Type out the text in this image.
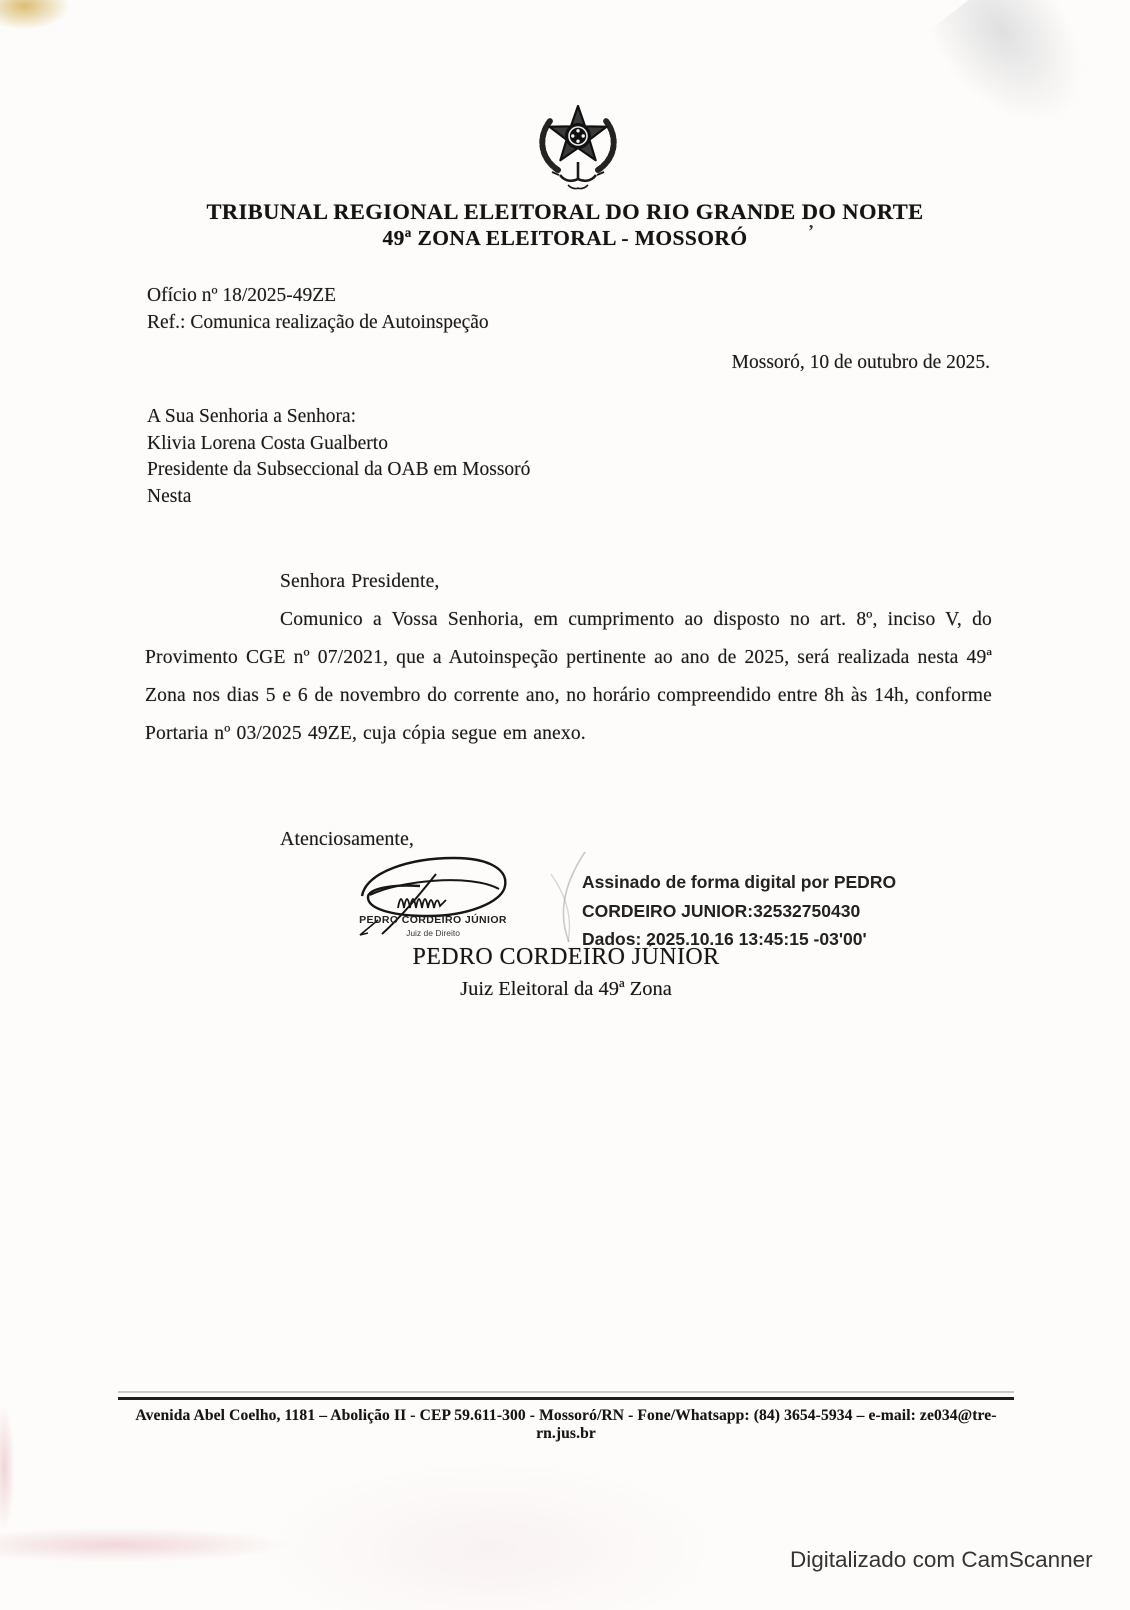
TRIBUNAL REGIONAL ELEITORAL DO RIO GRANDE DO NORTE
49ª ZONA ELEITORAL - MOSSORÓ	’
Ofício nº 18/2025-49ZE
Ref.: Comunica realização de Autoinspeção
Mossoró, 10 de outubro de 2025.
A Sua Senhoria a Senhora:
Klivia Lorena Costa Gualberto
Presidente da Subseccional da OAB em Mossoró
Nesta
Senhora Presidente,

Comunico a Vossa Senhoria, em cumprimento ao disposto no art. 8º, inciso V, do Provimento CGE nº 07/2021, que a Autoinspeção pertinente ao ano de 2025, será realizada nesta 49ª Zona nos dias 5 e 6 de novembro do corrente ano, no horário compreendido entre 8h às 14h, conforme Portaria nº 03/2025 49ZE, cuja cópia segue em anexo.

Atenciosamente,
PEDRO CORDEIRO JÚNIOR
Juiz de Direito
Assinado de forma digital por PEDRO
CORDEIRO JUNIOR:32532750430
Dados: 2025.10.16 13:45:15 -03'00'
PEDRO CORDEIRO JÚNIOR
Juiz Eleitoral da 49ª Zona
Avenida Abel Coelho, 1181 – Abolição II - CEP 59.611-300 - Mossoró/RN - Fone/Whatsapp: (84) 3654-5934 – e-mail: ze034@tre-rn.jus.br
Digitalizado com CamScanner
